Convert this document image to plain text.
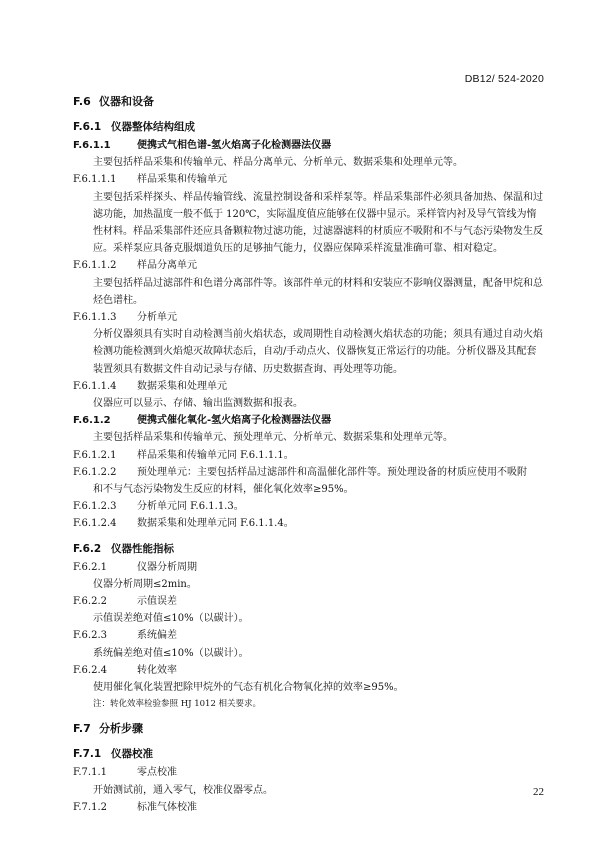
DB12/ 524-2020
F.6 仪器和设备
F.6.1 仪器整体结构组成
F.6.1.1	便携式气相色谱-氢火焰离子化检测器法仪器
主要包括样品采集和传输单元、样品分离单元、分析单元、数据采集和处理单元等。
F.6.1.1.1 样品采集和传输单元
主要包括采样探头、样品传输管线、流量控制设备和采样泵等。样品采集部件必须具备加热、保温和过滤功能，加热温度一般不低于 120℃，实际温度值应能够在仪器中显示。采样管内衬及导气管线为惰性材料。样品采集部件还应具备颗粒物过滤功能，过滤器滤料的材质应不吸附和不与气态污染物发生反应。采样泵应具备克服烟道负压的足够抽气能力，仪器应保障采样流量准确可靠、相对稳定。
F.6.1.1.2 样品分离单元
主要包括样品过滤部件和色谱分离部件等。该部件单元的材料和安装应不影响仪器测量，配备甲烷和总烃色谱柱。
F.6.1.1.3 分析单元
分析仪器须具有实时自动检测当前火焰状态，或周期性自动检测火焰状态的功能；须具有通过自动火焰检测功能检测到火焰熄灭故障状态后，自动/手动点火、仪器恢复正常运行的功能。分析仪器及其配套装置须具有数据文件自动记录与存储、历史数据查询、再处理等功能。
F.6.1.1.4 数据采集和处理单元
仪器应可以显示、存储、输出监测数据和报表。
F.6.1.2	便携式催化氧化-氢火焰离子化检测器法仪器
主要包括样品采集和传输单元、预处理单元、分析单元、数据采集和处理单元等。
F.6.1.2.1 样品采集和传输单元同 F.6.1.1.1。
F.6.1.2.2 预处理单元：主要包括样品过滤部件和高温催化部件等。预处理设备的材质应使用不吸附
和不与气态污染物发生反应的材料，催化氧化效率≥95%。
F.6.1.2.3 分析单元同 F.6.1.1.3。
F.6.1.2.4 数据采集和处理单元同 F.6.1.1.4。
F.6.2 仪器性能指标
F.6.2.1	仪器分析周期
仪器分析周期≤2min。
F.6.2.2	示值误差
示值误差绝对值≤10%（以碳计）。
F.6.2.3	系统偏差
系统偏差绝对值≤10%（以碳计）。
F.6.2.4	转化效率
使用催化氧化装置把除甲烷外的气态有机化合物氧化掉的效率≥95%。
注：转化效率检验参照 HJ 1012 相关要求。
F.7 分析步骤
F.7.1 仪器校准
F.7.1.1	零点校准
开始测试前，通入零气，校准仪器零点。
F.7.1.2	标准气体校准
22
